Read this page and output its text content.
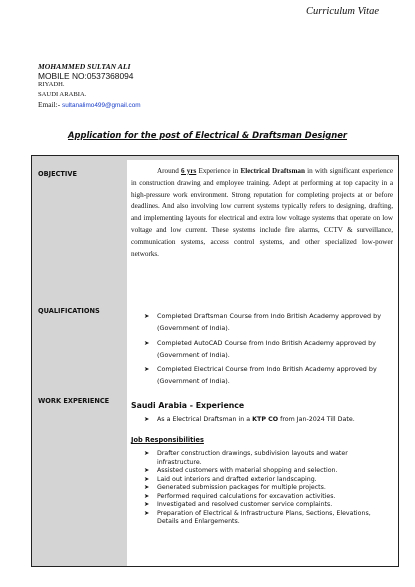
Curriculum Vitae
MOHAMMED SULTAN ALI
MOBILE NO:0537368094
RIYADH.
SAUDI ARABIA.
Email:- sultanalimo499@gmail.com
Application for the post of Electrical & Draftsman Designer
OBJECTIVE	Around 6 yrs Experience in Electrical Draftsman in with significant experience in construction drawing and employee training. Adept at performing at top capacity in a high-pressure work environment. Strong reputation for completing projects at or before deadlines. And also involving low current systems typically refers to designing, drafting, and implementing layouts for electrical and extra low voltage systems that operate on low voltage and low current. These systems include fire alarms, CCTV & surveillance, communication systems, access control systems, and other specialized low-power networks.
QUALIFICATIONS
➤ Completed Draftsman Course from Indo British Academy approved by (Government of India).
➤ Completed AutoCAD Course from Indo British Academy approved by (Government of India).
➤ Completed Electrical Course from Indo British Academy approved by (Government of India).
WORK EXPERIENCE	Saudi Arabia - Experience
➤ As a Electrical Draftsman in a KTP CO from Jan-2024 Till Date.
Job Responsibilities
➤ Drafter construction drawings, subdivision layouts and water infrastructure.
➤ Assisted customers with material shopping and selection.
➤ Laid out interiors and drafted exterior landscaping.
➤ Generated submission packages for multiple projects.
➤ Performed required calculations for excavation activities.
➤ Investigated and resolved customer service complaints.
➤ Preparation of Electrical & Infrastructure Plans, Sections, Elevations, Details and Enlargements.
